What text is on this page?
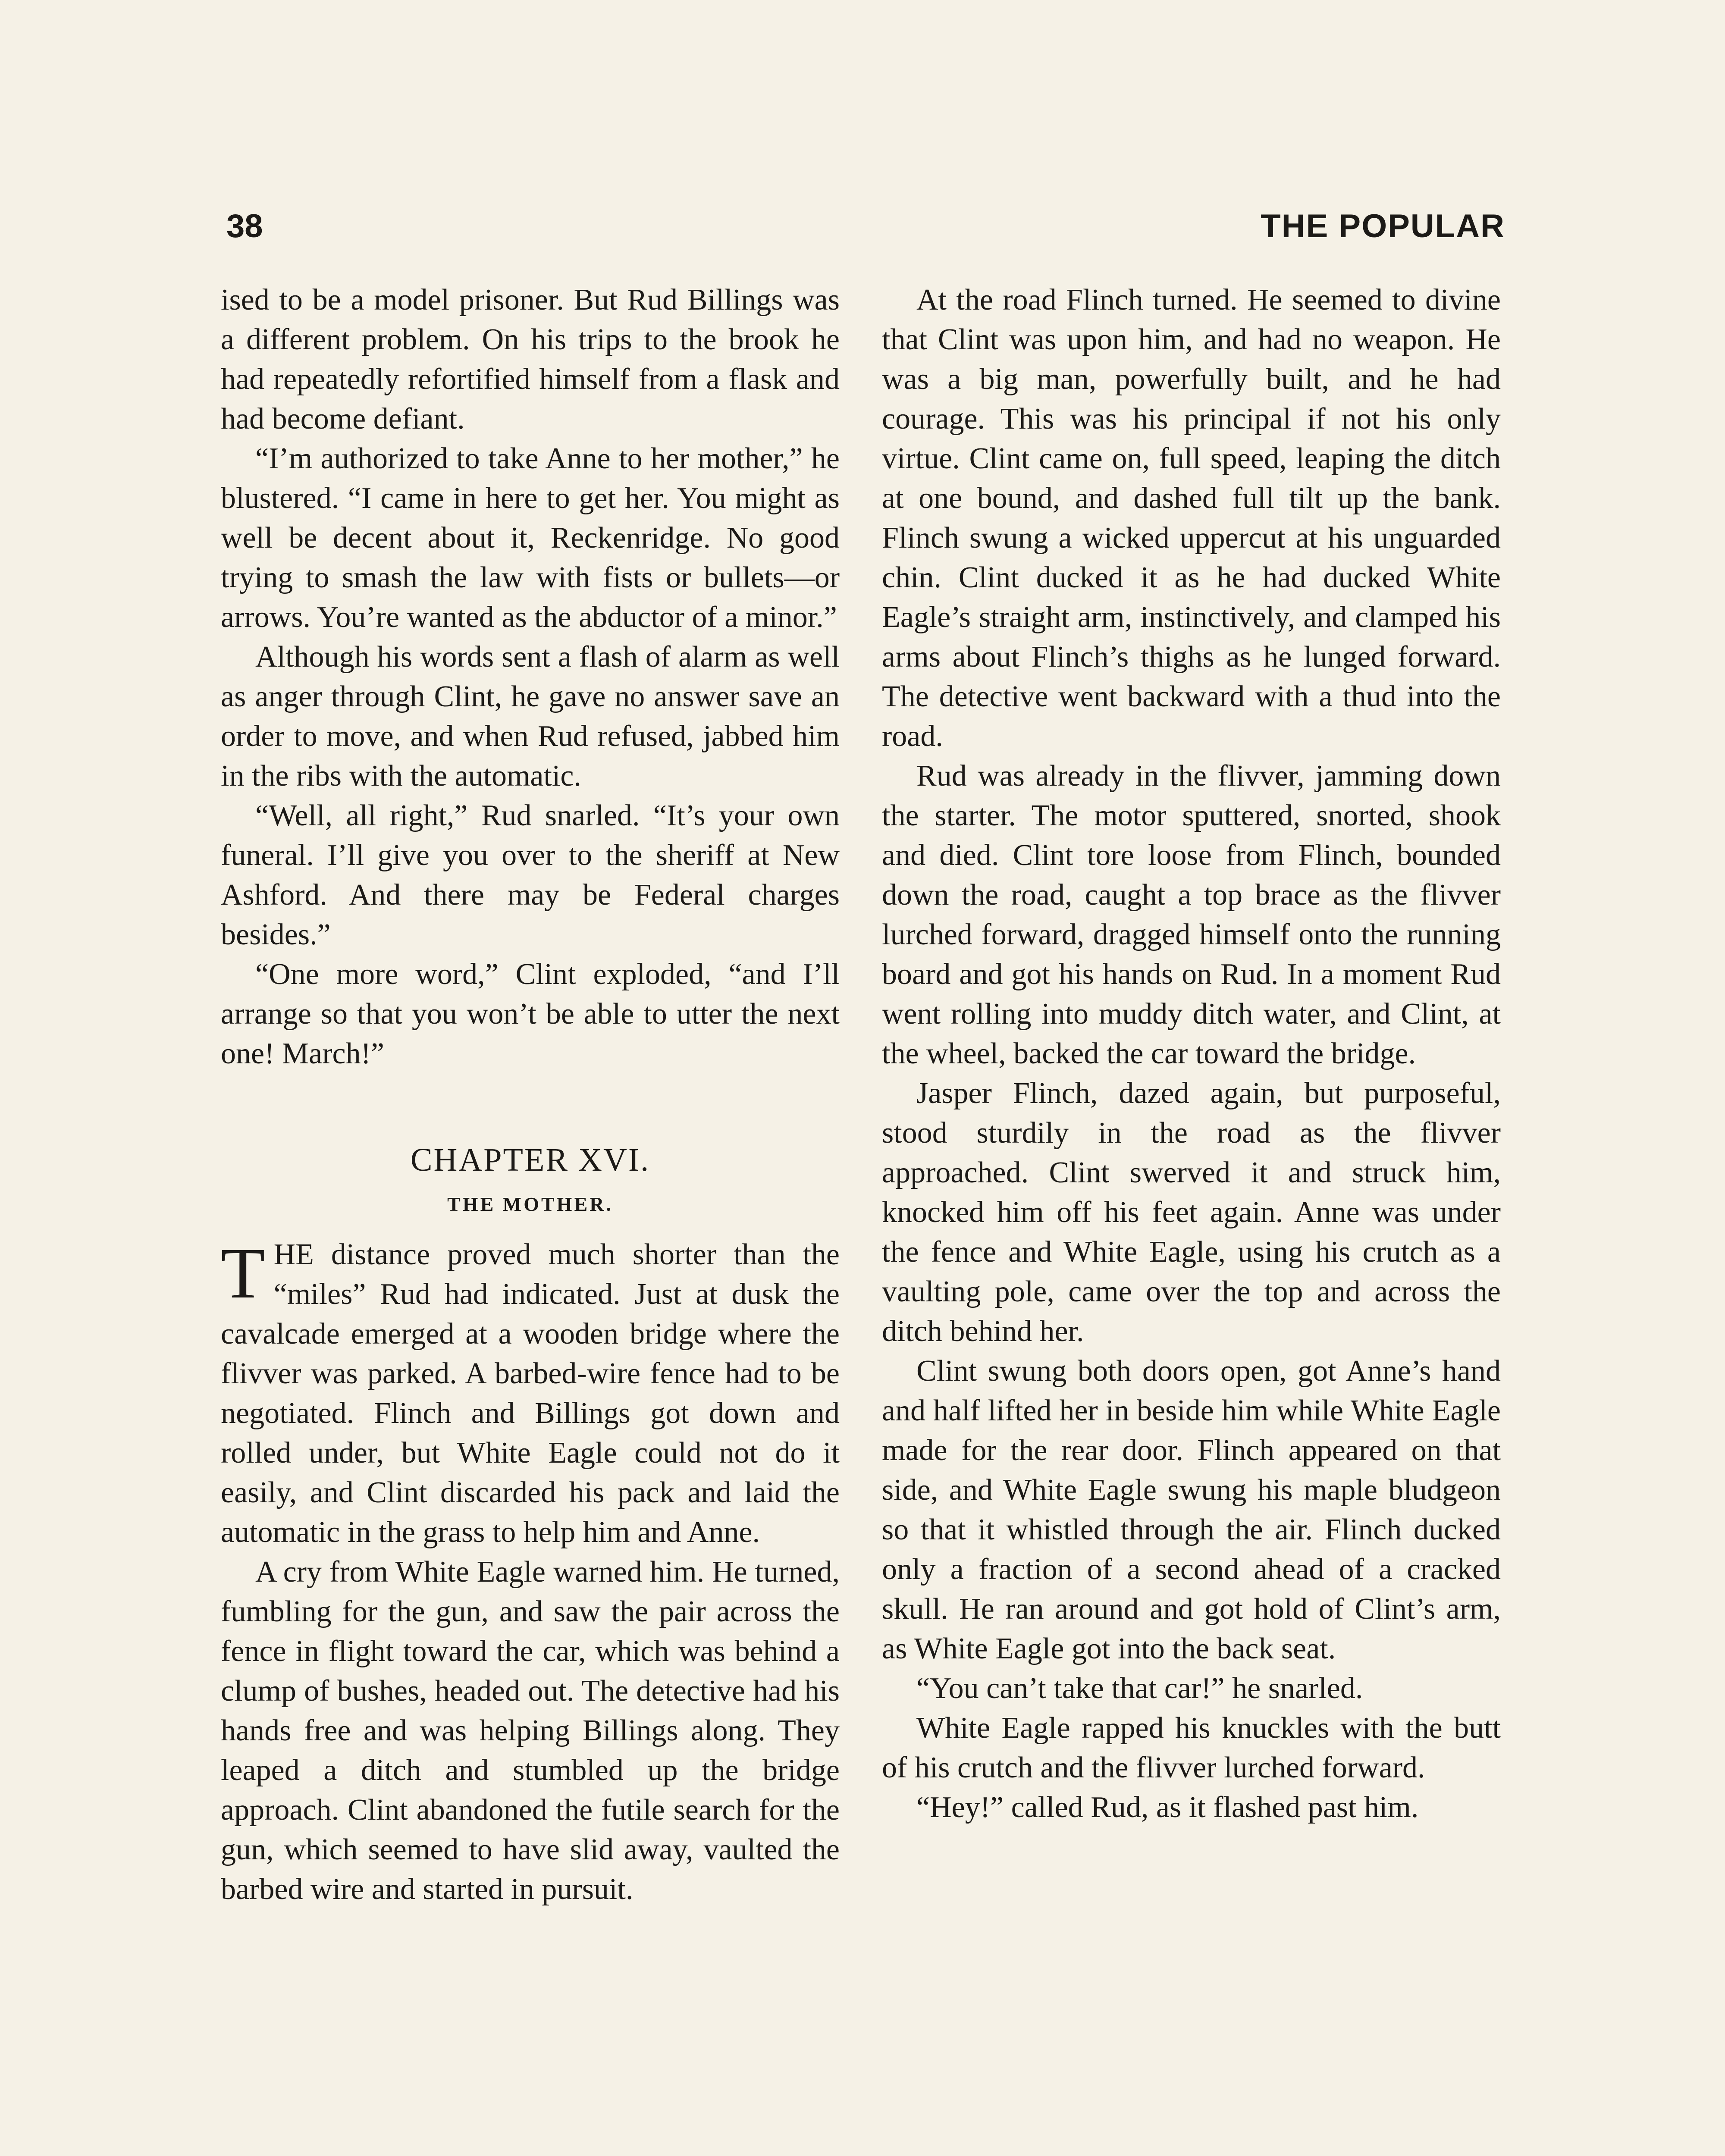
38	THE POPULAR

ised to be a model prisoner. But Rud Billings was a different problem. On his trips to the brook he had repeatedly refortified himself from a flask and had become defiant.

“I’m authorized to take Anne to her mother,” he blustered. “I came in here to get her. You might as well be decent about it, Reckenridge. No good trying to smash the law with fists or bullets—or arrows. You’re wanted as the abductor of a minor.”

Although his words sent a flash of alarm as well as anger through Clint, he gave no answer save an order to move, and when Rud refused, jabbed him in the ribs with the automatic.

“Well, all right,” Rud snarled. “It’s your own funeral. I’ll give you over to the sheriff at New Ashford. And there may be Federal charges besides.”

“One more word,” Clint exploded, “and I’ll arrange so that you won’t be able to utter the next one! March!”

CHAPTER XVI.
THE MOTHER.

THE distance proved much shorter than the “miles” Rud had indicated. Just at dusk the cavalcade emerged at a wooden bridge where the flivver was parked. A barbed-wire fence had to be negotiated. Flinch and Billings got down and rolled under, but White Eagle could not do it easily, and Clint discarded his pack and laid the automatic in the grass to help him and Anne.

A cry from White Eagle warned him. He turned, fumbling for the gun, and saw the pair across the fence in flight toward the car, which was behind a clump of bushes, headed out. The detective had his hands free and was helping Billings along. They leaped a ditch and stumbled up the bridge approach. Clint abandoned the futile search for the gun, which seemed to have slid away, vaulted the barbed wire and started in pursuit.

At the road Flinch turned. He seemed to divine that Clint was upon him, and had no weapon. He was a big man, powerfully built, and he had courage. This was his principal if not his only virtue. Clint came on, full speed, leaping the ditch at one bound, and dashed full tilt up the bank. Flinch swung a wicked uppercut at his unguarded chin. Clint ducked it as he had ducked White Eagle’s straight arm, instinctively, and clamped his arms about Flinch’s thighs as he lunged forward. The detective went backward with a thud into the road.

Rud was already in the flivver, jamming down the starter. The motor sputtered, snorted, shook and died. Clint tore loose from Flinch, bounded down the road, caught a top brace as the flivver lurched forward, dragged himself onto the running board and got his hands on Rud. In a moment Rud went rolling into muddy ditch water, and Clint, at the wheel, backed the car toward the bridge.

Jasper Flinch, dazed again, but purposeful, stood sturdily in the road as the flivver approached. Clint swerved it and struck him, knocked him off his feet again. Anne was under the fence and White Eagle, using his crutch as a vaulting pole, came over the top and across the ditch behind her.

Clint swung both doors open, got Anne’s hand and half lifted her in beside him while White Eagle made for the rear door. Flinch appeared on that side, and White Eagle swung his maple bludgeon so that it whistled through the air. Flinch ducked only a fraction of a second ahead of a cracked skull. He ran around and got hold of Clint’s arm, as White Eagle got into the back seat.

“You can’t take that car!” he snarled.

White Eagle rapped his knuckles with the butt of his crutch and the flivver lurched forward.

“Hey!” called Rud, as it flashed past him.
